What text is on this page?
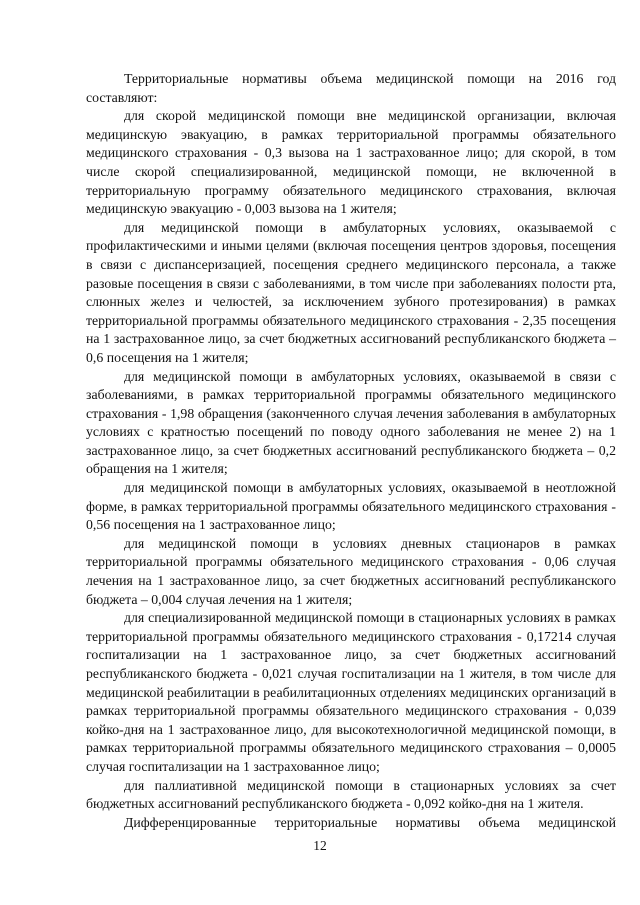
Территориальные нормативы объема медицинской помощи на 2016 год составляют:

для скорой медицинской помощи вне медицинской организации, включая медицинскую эвакуацию, в рамках территориальной программы обязательного медицинского страхования - 0,3 вызова на 1 застрахованное лицо; для скорой, в том числе скорой специализированной, медицинской помощи, не включенной в территориальную программу обязательного медицинского страхования, включая медицинскую эвакуацию - 0,003 вызова на 1 жителя;

для медицинской помощи в амбулаторных условиях, оказываемой с профилактическими и иными целями (включая посещения центров здоровья, посещения в связи с диспансеризацией, посещения среднего медицинского персонала, а также разовые посещения в связи с заболеваниями, в том числе при заболеваниях полости рта, слюнных желез и челюстей, за исключением зубного протезирования) в рамках территориальной программы обязательного медицинского страхования - 2,35 посещения на 1 застрахованное лицо, за счет бюджетных ассигнований республиканского бюджета – 0,6 посещения на 1 жителя;

для медицинской помощи в амбулаторных условиях, оказываемой в связи с заболеваниями, в рамках территориальной программы обязательного медицинского страхования - 1,98 обращения (законченного случая лечения заболевания в амбулаторных условиях с кратностью посещений по поводу одного заболевания не менее 2) на 1 застрахованное лицо, за счет бюджетных ассигнований республиканского бюджета – 0,2 обращения на 1 жителя;

для медицинской помощи в амбулаторных условиях, оказываемой в неотложной форме, в рамках территориальной программы обязательного медицинского страхования - 0,56 посещения на 1 застрахованное лицо;

для медицинской помощи в условиях дневных стационаров в рамках территориальной программы обязательного медицинского страхования - 0,06 случая лечения на 1 застрахованное лицо, за счет бюджетных ассигнований республиканского бюджета – 0,004 случая лечения на 1 жителя;

для специализированной медицинской помощи в стационарных условиях в рамках территориальной программы обязательного медицинского страхования - 0,17214 случая госпитализации на 1 застрахованное лицо, за счет бюджетных ассигнований республиканского бюджета - 0,021 случая госпитализации на 1 жителя, в том числе для медицинской реабилитации в реабилитационных отделениях медицинских организаций в рамках территориальной программы обязательного медицинского страхования - 0,039 койко-дня на 1 застрахованное лицо, для высокотехнологичной медицинской помощи, в рамках территориальной программы обязательного медицинского страхования – 0,0005 случая госпитализации на 1 застрахованное лицо;

для паллиативной медицинской помощи в стационарных условиях за счет бюджетных ассигнований республиканского бюджета - 0,092 койко-дня на 1 жителя.

Дифференцированные территориальные нормативы объема медицинской

12
